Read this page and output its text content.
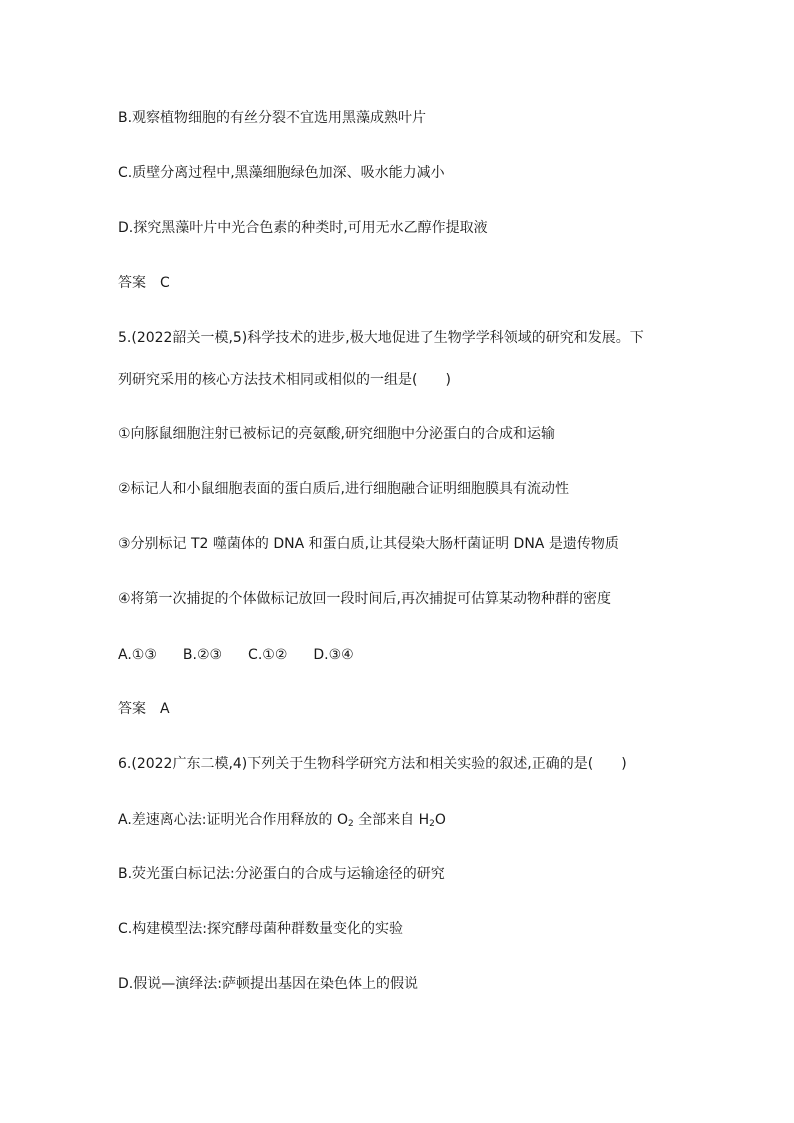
B.观察植物细胞的有丝分裂不宜选用黑藻成熟叶片
C.质壁分离过程中,黑藻细胞绿色加深、吸水能力减小
D.探究黑藻叶片中光合色素的种类时,可用无水乙醇作提取液
答案 C
5.(2022韶关一模,5)科学技术的进步,极大地促进了生物学学科领域的研究和发展。下
列研究采用的核心方法技术相同或相似的一组是( )
①向豚鼠细胞注射已被标记的亮氨酸,研究细胞中分泌蛋白的合成和运输
②标记人和小鼠细胞表面的蛋白质后,进行细胞融合证明细胞膜具有流动性
③分别标记 T2 噬菌体的 DNA 和蛋白质,让其侵染大肠杆菌证明 DNA 是遗传物质
④将第一次捕捉的个体做标记放回一段时间后,再次捕捉可估算某动物种群的密度
A.①③ B.②③ C.①② D.③④
答案 A
6.(2022广东二模,4)下列关于生物科学研究方法和相关实验的叙述,正确的是( )
A.差速离心法:证明光合作用释放的 $O_2$ 全部来自 $H_2O$
B.荧光蛋白标记法:分泌蛋白的合成与运输途径的研究
C.构建模型法:探究酵母菌种群数量变化的实验
D.假说—演绎法:萨顿提出基因在染色体上的假说
